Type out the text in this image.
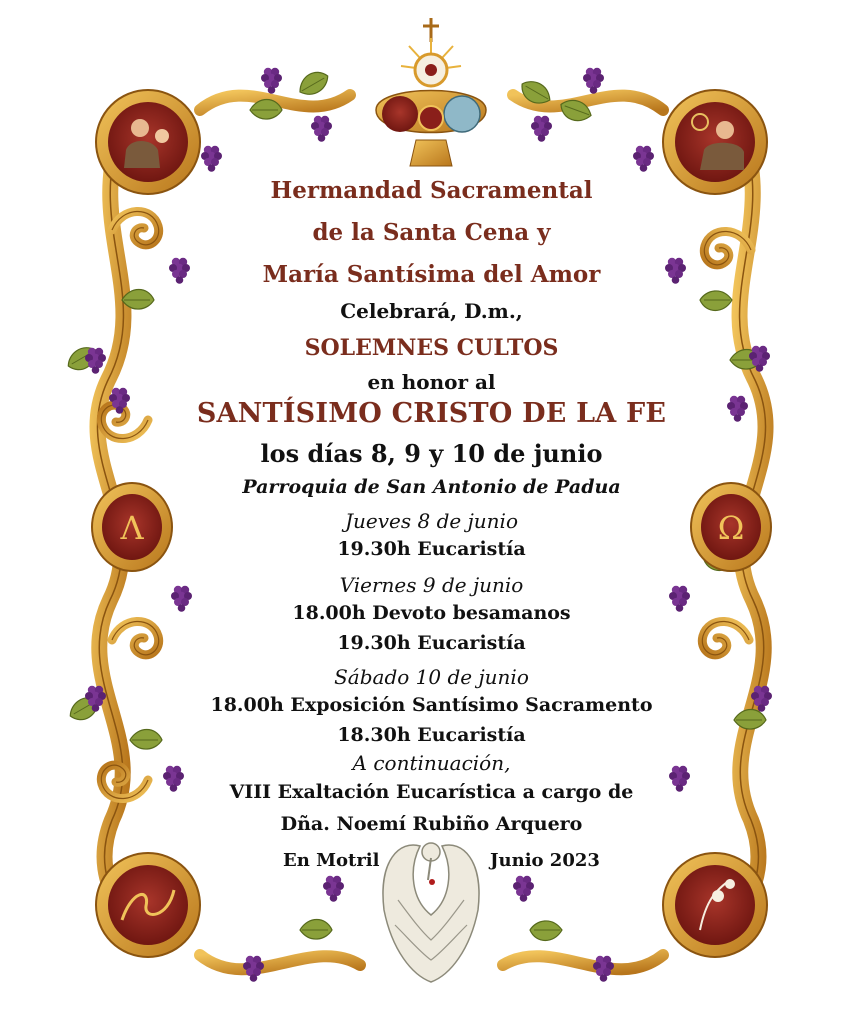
Λ	Ω
Hermandad Sacramental
de la Santa Cena y
María Santísima del Amor
Celebrará, D.m.,
SOLEMNES CULTOS
en honor al
SANTÍSIMO CRISTO DE LA FE
los días 8, 9 y 10 de junio
Parroquia de San Antonio de Padua
Jueves 8 de junio
19.30h Eucaristía
Viernes 9 de junio
18.00h Devoto besamanos
19.30h Eucaristía
Sábado 10 de junio
18.00h Exposición Santísimo Sacramento
18.30h Eucaristía
A continuación,
VIII Exaltación Eucarística a cargo de
Dña. Noemí Rubiño Arquero
En Motril	Junio 2023
